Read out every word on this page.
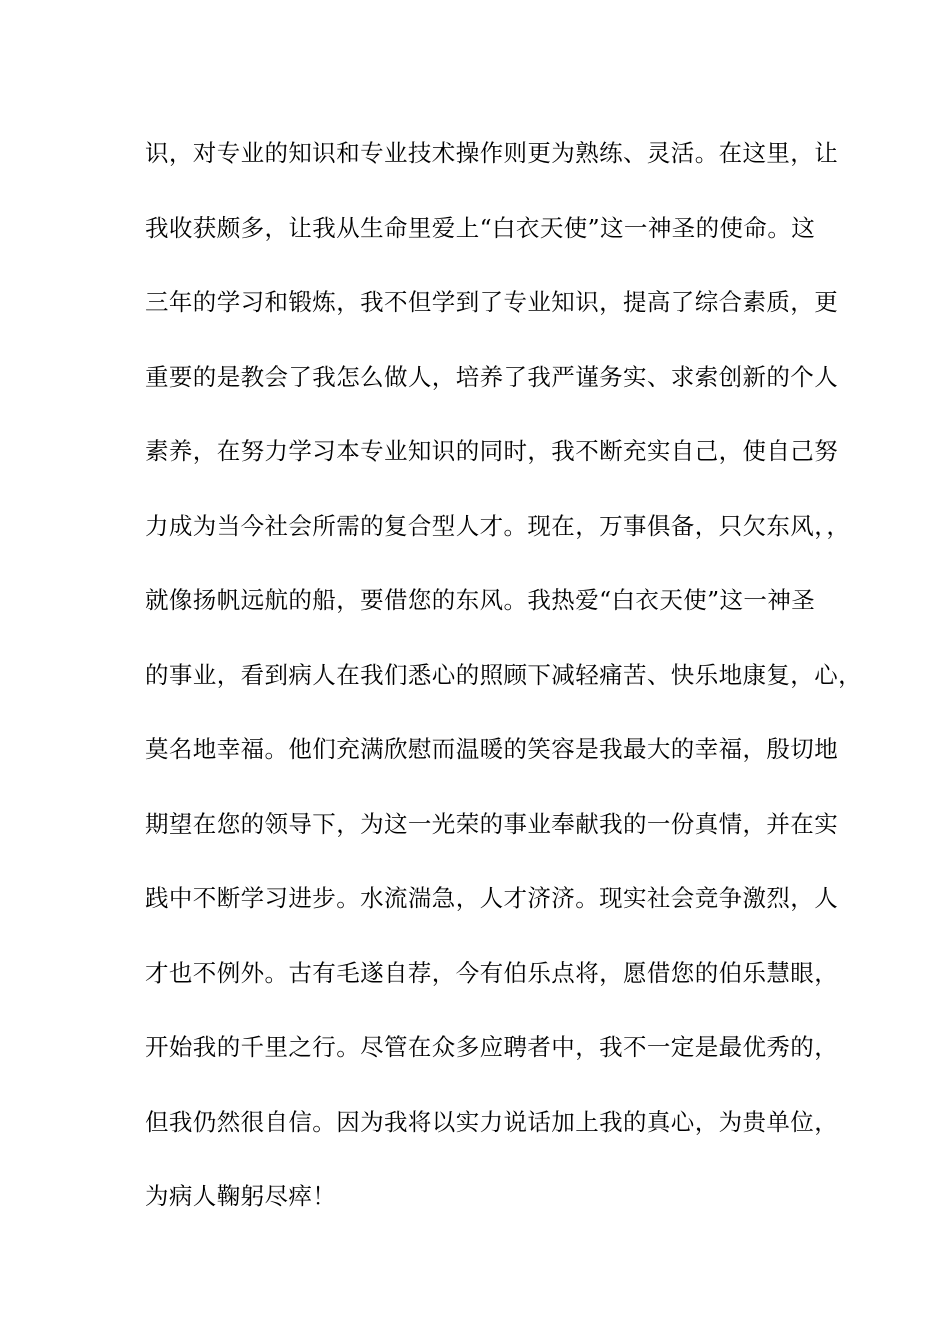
识，对专业的知识和专业技术操作则更为熟练、灵活。在这里，让
我收获颇多，让我从生命里爱上“白衣天使”这一神圣的使命。这
三年的学习和锻炼，我不但学到了专业知识，提高了综合素质，更
重要的是教会了我怎么做人，培养了我严谨务实、求索创新的个人
素养，在努力学习本专业知识的同时，我不断充实自己，使自己努
力成为当今社会所需的复合型人才。现在，万事俱备，只欠东风，，
就像扬帆远航的船，要借您的东风。我热爱“白衣天使”这一神圣
的事业，看到病人在我们悉心的照顾下减轻痛苦、快乐地康复，心，
莫名地幸福。他们充满欣慰而温暖的笑容是我最大的幸福，殷切地
期望在您的领导下，为这一光荣的事业奉献我的一份真情，并在实
践中不断学习进步。水流湍急，人才济济。现实社会竞争激烈，人
才也不例外。古有毛遂自荐，今有伯乐点将，愿借您的伯乐慧眼，
开始我的千里之行。尽管在众多应聘者中，我不一定是最优秀的，
但我仍然很自信。因为我将以实力说话加上我的真心，为贵单位，
为病人鞠躬尽瘁！
